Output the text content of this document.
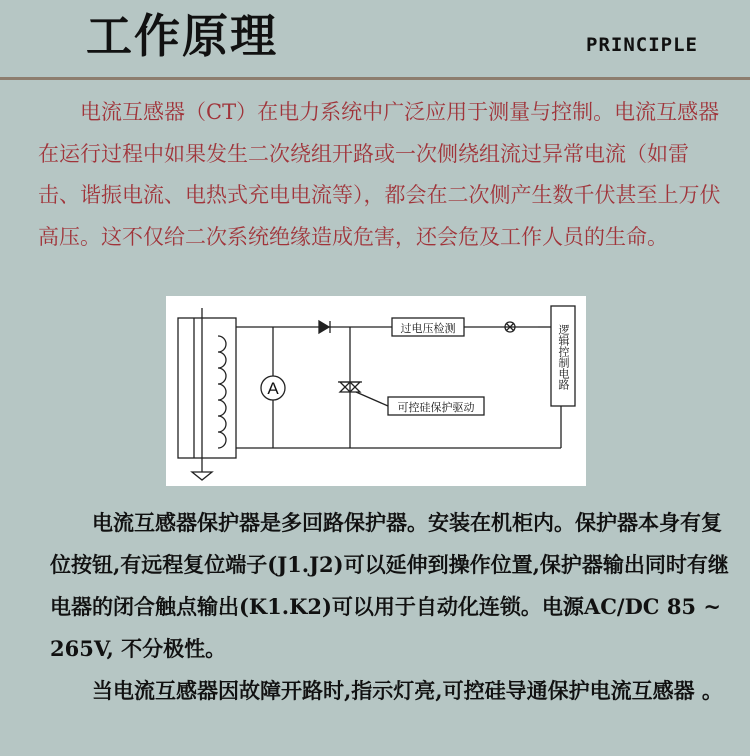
工作原理	PRINCIPLE

电流互感器（CT）在电力系统中广泛应用于测量与控制。电流互感器在运行过程中如果发生二次绕组开路或一次侧绕组流过异常电流（如雷击、谐振电流、电热式充电电流等），都会在二次侧产生数千伏甚至上万伏高压。这不仅给二次系统绝缘造成危害，还会危及工作人员的生命。

A
过电压检测
可控硅保护驱动
逻辑控制电路

电流互感器保护器是多回路保护器。安装在机柜内。保护器本身有复位按钮,有远程复位端子(J1.J2)可以延伸到操作位置,保护器输出同时有继电器的闭合触点输出(K1.K2)可以用于自动化连锁。电源AC/DC 85 ~ 265V, 不分极性。

当电流互感器因故障开路时,指示灯亮,可控硅导通保护电流互感器 。
